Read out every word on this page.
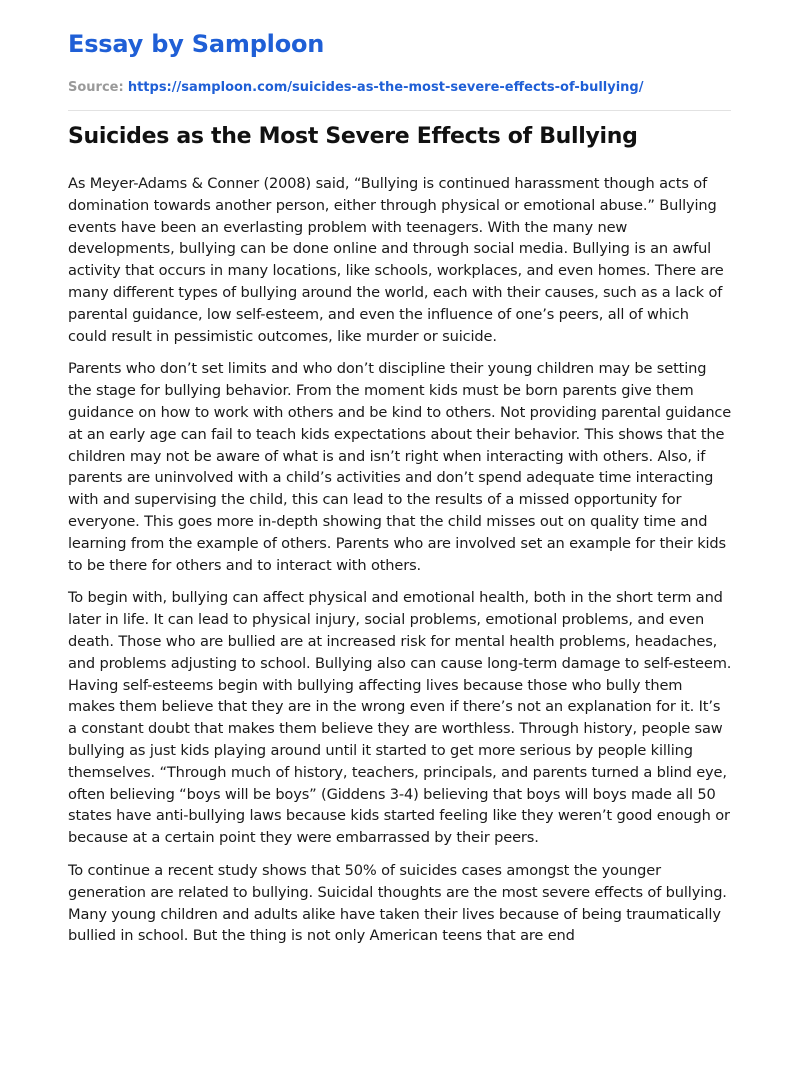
Essay by Samploon

Source: https://samploon.com/suicides-as-the-most-severe-effects-of-bullying/

Suicides as the Most Severe Effects of Bullying

As Meyer-Adams & Conner (2008) said, “Bullying is continued harassment though acts of domination towards another person, either through physical or emotional abuse.” Bullying events have been an everlasting problem with teenagers. With the many new developments, bullying can be done online and through social media. Bullying is an awful activity that occurs in many locations, like schools, workplaces, and even homes. There are many different types of bullying around the world, each with their causes, such as a lack of parental guidance, low self-esteem, and even the influence of one’s peers, all of which could result in pessimistic outcomes, like murder or suicide.

Parents who don’t set limits and who don’t discipline their young children may be setting the stage for bullying behavior. From the moment kids must be born parents give them guidance on how to work with others and be kind to others. Not providing parental guidance at an early age can fail to teach kids expectations about their behavior. This shows that the children may not be aware of what is and isn’t right when interacting with others. Also, if parents are uninvolved with a child’s activities and don’t spend adequate time interacting with and supervising the child, this can lead to the results of a missed opportunity for everyone. This goes more in-depth showing that the child misses out on quality time and learning from the example of others. Parents who are involved set an example for their kids to be there for others and to interact with others.

To begin with, bullying can affect physical and emotional health, both in the short term and later in life. It can lead to physical injury, social problems, emotional problems, and even death. Those who are bullied are at increased risk for mental health problems, headaches, and problems adjusting to school. Bullying also can cause long-term damage to self-esteem. Having self-esteems begin with bullying affecting lives because those who bully them makes them believe that they are in the wrong even if there’s not an explanation for it. It’s a constant doubt that makes them believe they are worthless. Through history, people saw bullying as just kids playing around until it started to get more serious by people killing themselves. “Through much of history, teachers, principals, and parents turned a blind eye, often believing “boys will be boys” (Giddens 3-4) believing that boys will boys made all 50 states have anti-bullying laws because kids started feeling like they weren’t good enough or because at a certain point they were embarrassed by their peers.

To continue a recent study shows that 50% of suicides cases amongst the younger generation are related to bullying. Suicidal thoughts are the most severe effects of bullying. Many young children and adults alike have taken their lives because of being traumatically bullied in school. But the thing is not only American teens that are end
